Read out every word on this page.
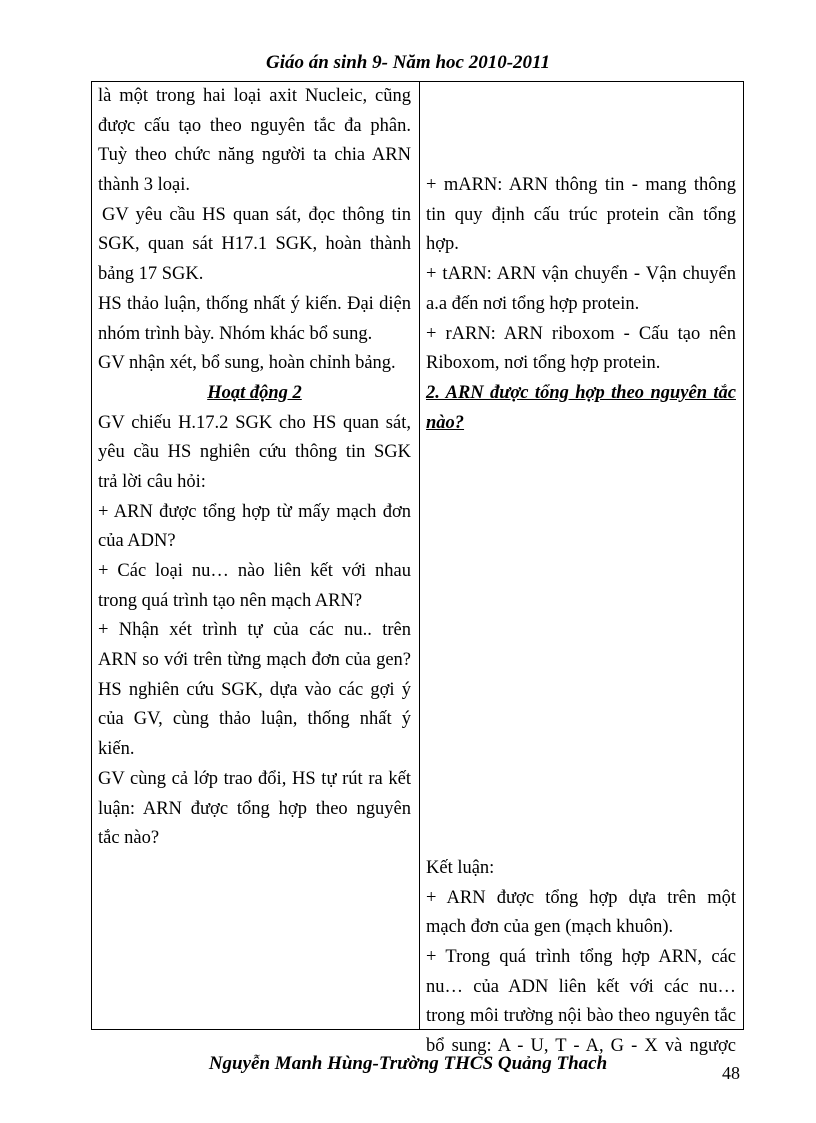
Giáo án sinh 9- Năm hoc 2010-2011
là một trong hai loại axit Nucleic, cũng
được cấu tạo theo nguyên tắc đa phân.
Tuỳ theo chức năng người ta chia ARN
thành 3 loại.
GV yêu cầu HS quan sát, đọc thông tin
SGK, quan sát H17.1 SGK, hoàn thành
bảng 17 SGK.
HS thảo luận, thống nhất ý kiến. Đại diện
nhóm trình bày. Nhóm khác bổ sung.
GV nhận xét, bổ sung, hoàn chỉnh bảng.
Hoạt động 2
GV chiếu H.17.2 SGK cho HS quan sát,
yêu cầu HS nghiên cứu thông tin SGK
trả lời câu hỏi:
+ ARN được tổng hợp từ mấy mạch đơn
của ADN?
+ Các loại nu… nào liên kết với nhau
trong quá trình tạo nên mạch ARN?
+ Nhận xét trình tự của các nu.. trên
ARN so với trên từng mạch đơn của gen?
HS nghiên cứu SGK, dựa vào các gợi ý
của GV, cùng thảo luận, thống nhất ý
kiến.
GV cùng cả lớp trao đổi, HS tự rút ra kết
luận: ARN được tổng hợp theo nguyên
tắc nào?
+ mARN: ARN thông tin - mang thông
tin quy định cấu trúc protein cần tổng
hợp.
+ tARN: ARN vận chuyển - Vận chuyển
a.a đến nơi tổng hợp protein.
+ rARN: ARN riboxom - Cấu tạo nên
Riboxom, nơi tổng hợp protein.
2. ARN được tổng hợp theo nguyên tắc
nào?
Kết luận:
+ ARN được tổng hợp dựa trên một
mạch đơn của gen (mạch khuôn).
+ Trong quá trình tổng hợp ARN, các
nu… của ADN liên kết với các nu…
trong môi trường nội bào theo nguyên tắc
bổ sung: A - U, T - A, G - X và ngược
Nguyễn Manh Hùng-Trường THCS Quảng Thach	48
